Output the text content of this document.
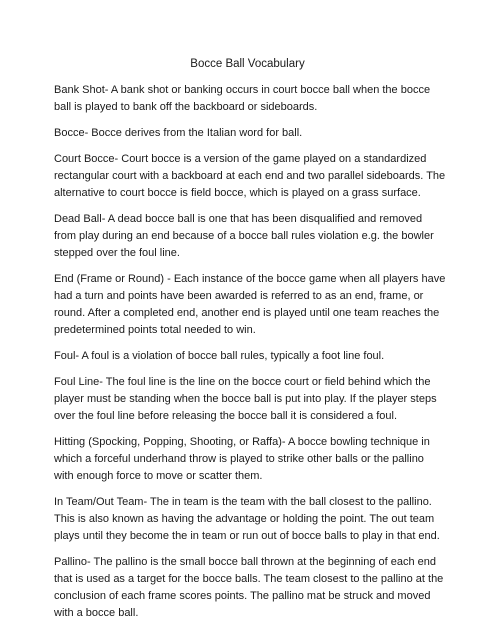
Bocce Ball Vocabulary

Bank Shot- A bank shot or banking occurs in court bocce ball when the bocce ball is played to bank off the backboard or sideboards.

Bocce- Bocce derives from the Italian word for ball.

Court Bocce- Court bocce is a version of the game played on a standardized rectangular court with a backboard at each end and two parallel sideboards. The alternative to court bocce is field bocce, which is played on a grass surface.

Dead Ball- A dead bocce ball is one that has been disqualified and removed from play during an end because of a bocce ball rules violation e.g. the bowler stepped over the foul line.

End (Frame or Round) - Each instance of the bocce game when all players have had a turn and points have been awarded is referred to as an end, frame, or round. After a completed end, another end is played until one team reaches the predetermined points total needed to win.

Foul- A foul is a violation of bocce ball rules, typically a foot line foul.

Foul Line- The foul line is the line on the bocce court or field behind which the player must be standing when the bocce ball is put into play. If the player steps over the foul line before releasing the bocce ball it is considered a foul.

Hitting (Spocking, Popping, Shooting, or Raffa)- A bocce bowling technique in which a forceful underhand throw is played to strike other balls or the pallino with enough force to move or scatter them.

In Team/Out Team- The in team is the team with the ball closest to the pallino. This is also known as having the advantage or holding the point. The out team plays until they become the in team or run out of bocce balls to play in that end.

Pallino- The pallino is the small bocce ball thrown at the beginning of each end that is used as a target for the bocce balls. The team closest to the pallino at the conclusion of each frame scores points. The pallino mat be struck and moved with a bocce ball.
